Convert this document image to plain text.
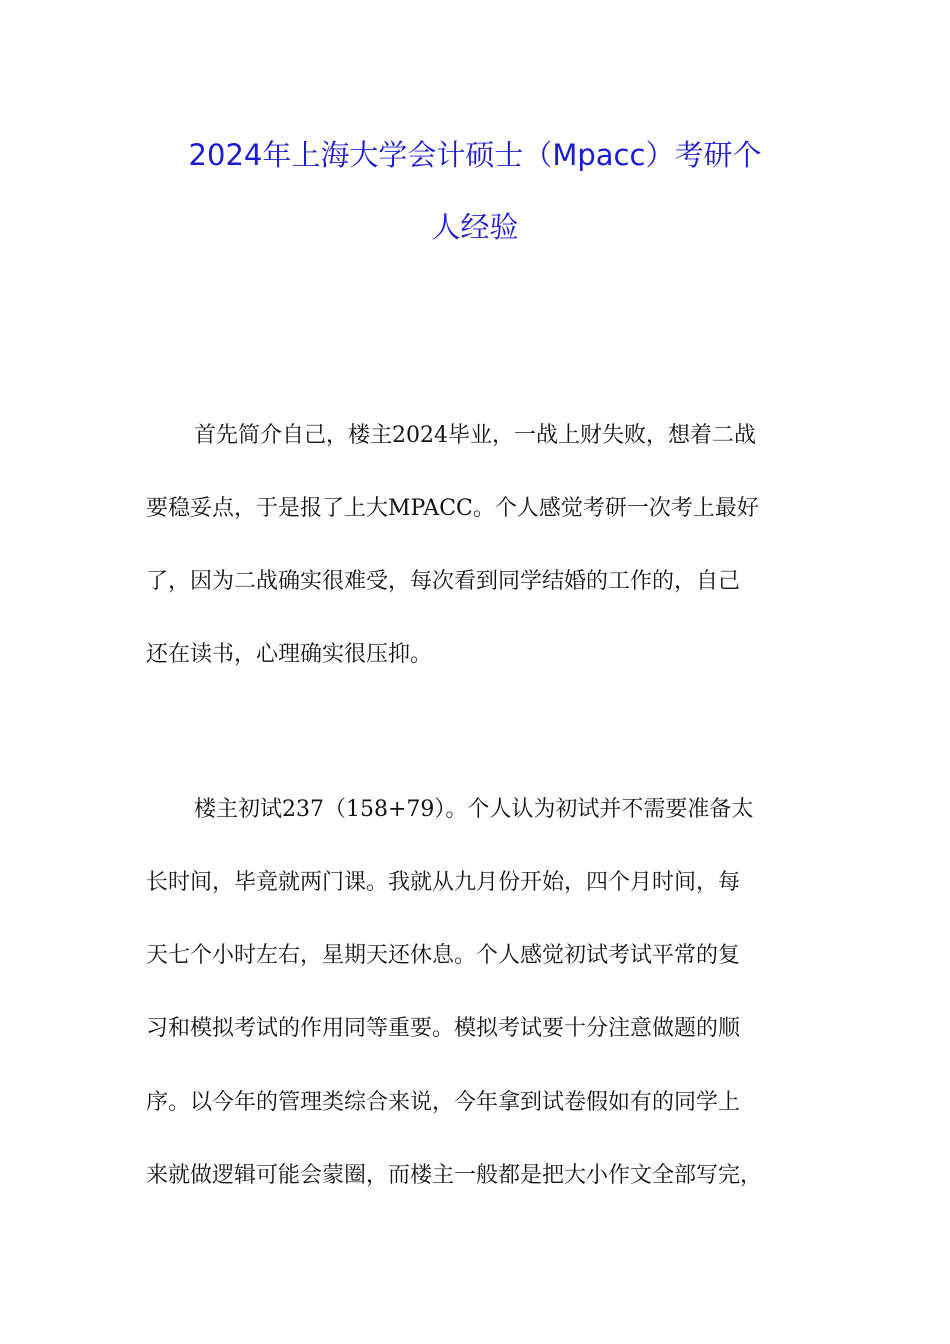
2024年上海大学会计硕士（Mpacc）考研个
人经验
首先简介自己，楼主2024毕业，一战上财失败，想着二战
要稳妥点，于是报了上大MPACC。个人感觉考研一次考上最好
了，因为二战确实很难受，每次看到同学结婚的工作的，自己
还在读书，心理确实很压抑。
楼主初试237（158+79）。个人认为初试并不需要准备太
长时间，毕竟就两门课。我就从九月份开始，四个月时间，每
天七个小时左右，星期天还休息。个人感觉初试考试平常的复
习和模拟考试的作用同等重要。模拟考试要十分注意做题的顺
序。以今年的管理类综合来说，今年拿到试卷假如有的同学上
来就做逻辑可能会蒙圈，而楼主一般都是把大小作文全部写完，
